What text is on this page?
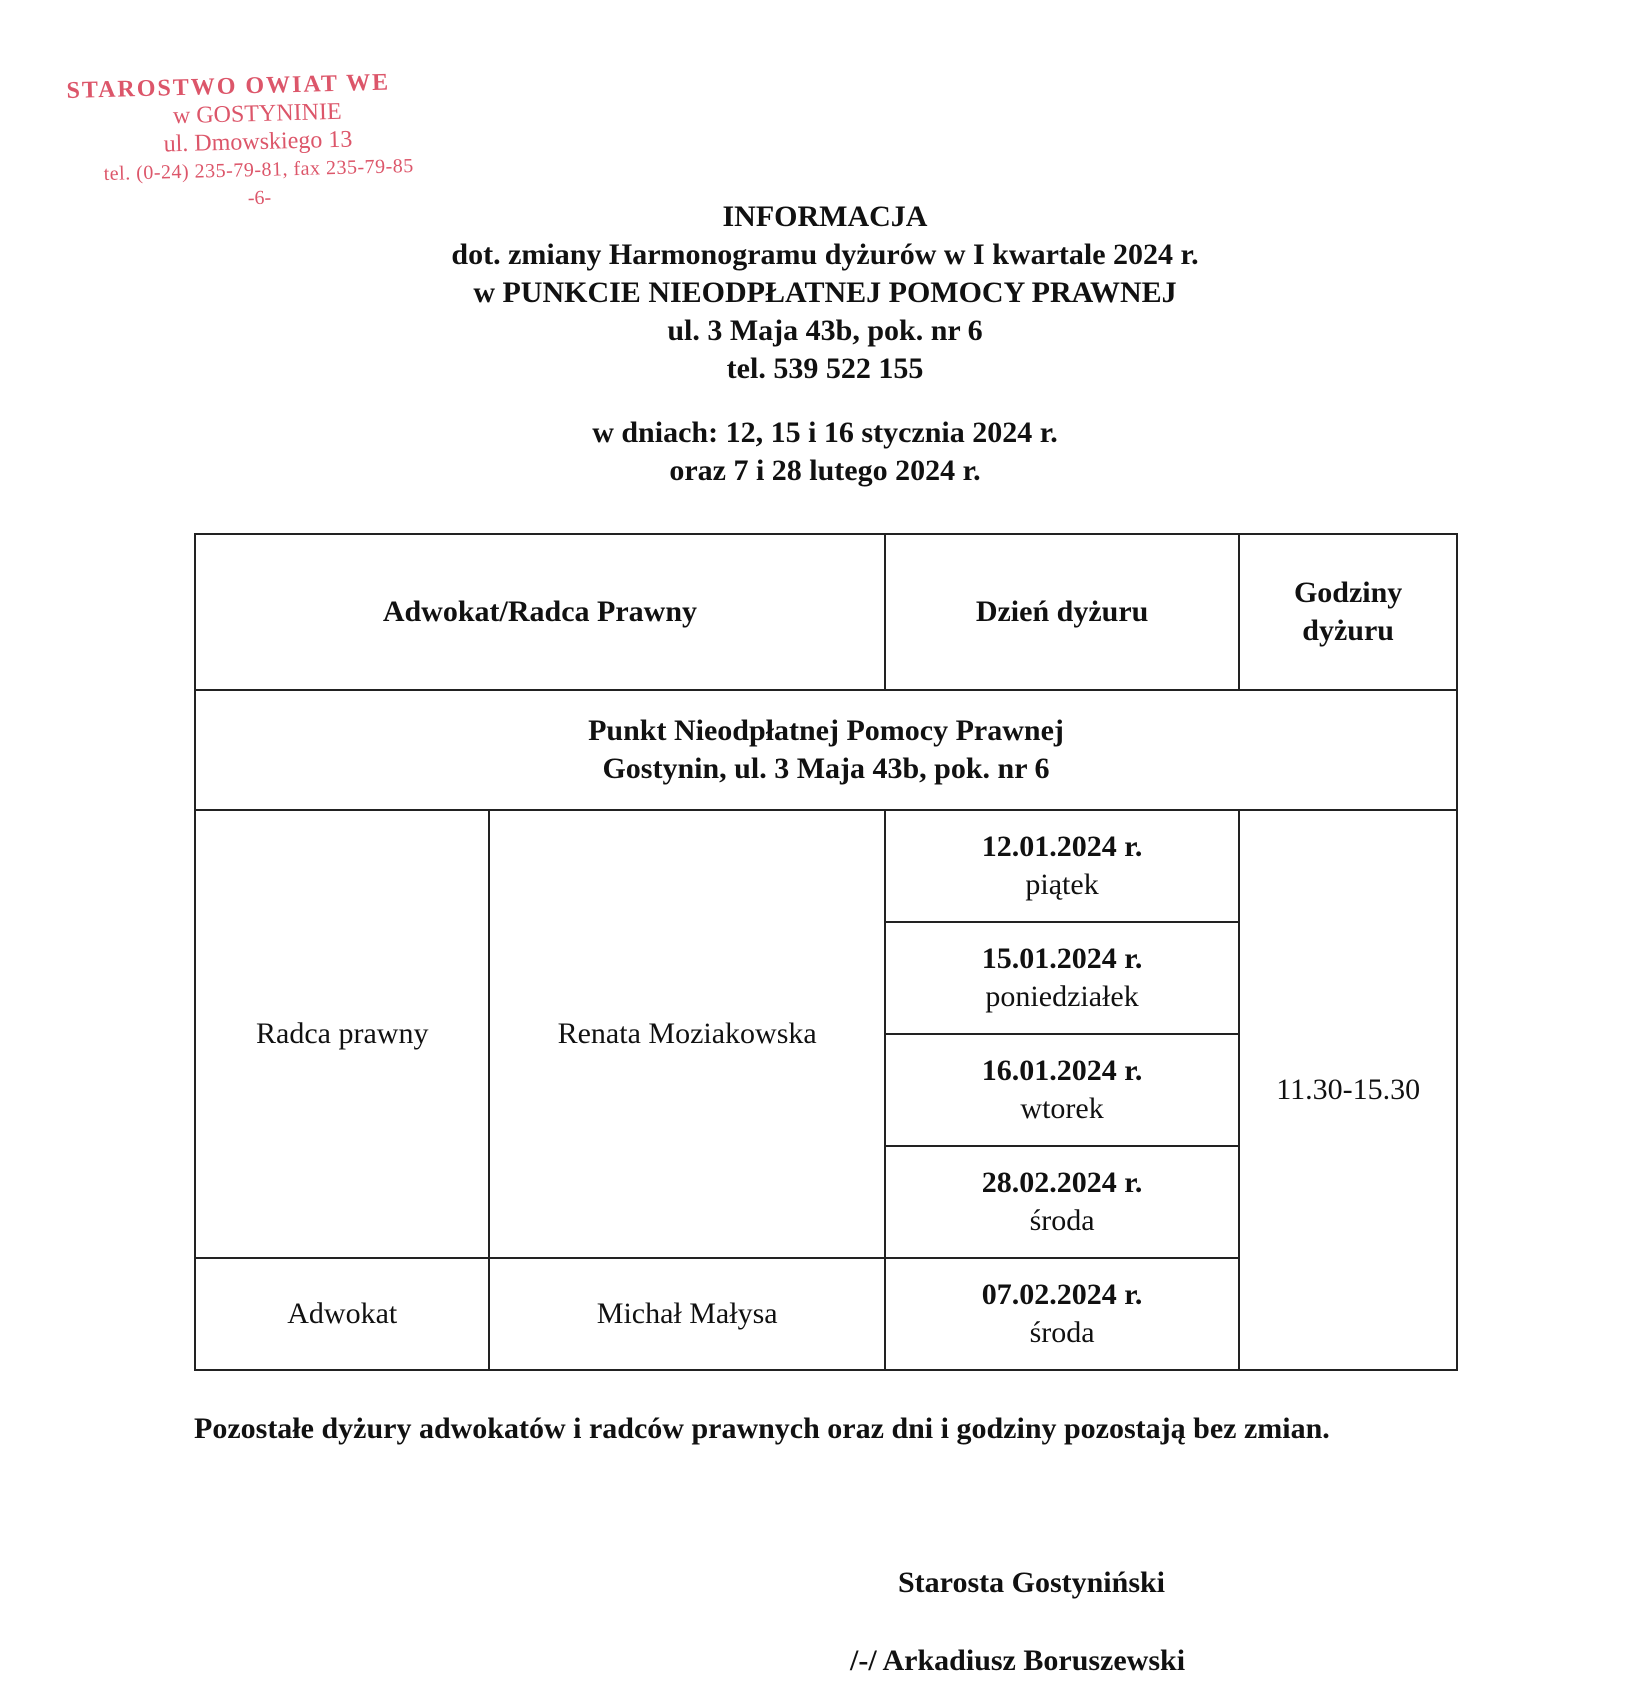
STAROSTWO OWIAT WE
w GOSTYNINIE
ul. Dmowskiego 13
tel. (0-24) 235-79-81, fax 235-79-85
-6-
INFORMACJA
dot. zmiany Harmonogramu dyżurów w I kwartale 2024 r.
w PUNKCIE NIEODPŁATNEJ POMOCY PRAWNEJ
ul. 3 Maja 43b, pok. nr 6
tel. 539 522 155
w dniach: 12, 15 i 16 stycznia 2024 r.
oraz 7 i 28 lutego 2024 r.
Adwokat/Radca Prawny		Dzień dyżuru	Godziny
dyżuru
Punkt Nieodpłatnej Pomocy Prawnej
Gostynin, ul. 3 Maja 43b, pok. nr 6			
Radca prawny	Renata Moziakowska	12.01.2024 r.
piątek	11.30-15.30

		15.01.2024 r.
poniedziałek	

		16.01.2024 r.
wtorek	

		28.02.2024 r.
środa	

Adwokat	Michał Małysa	07.02.2024 r.
środa	
Pozostałe dyżury adwokatów i radców prawnych oraz dni i godziny pozostają bez zmian.
Starosta Gostyniński
/-/ Arkadiusz Boruszewski
